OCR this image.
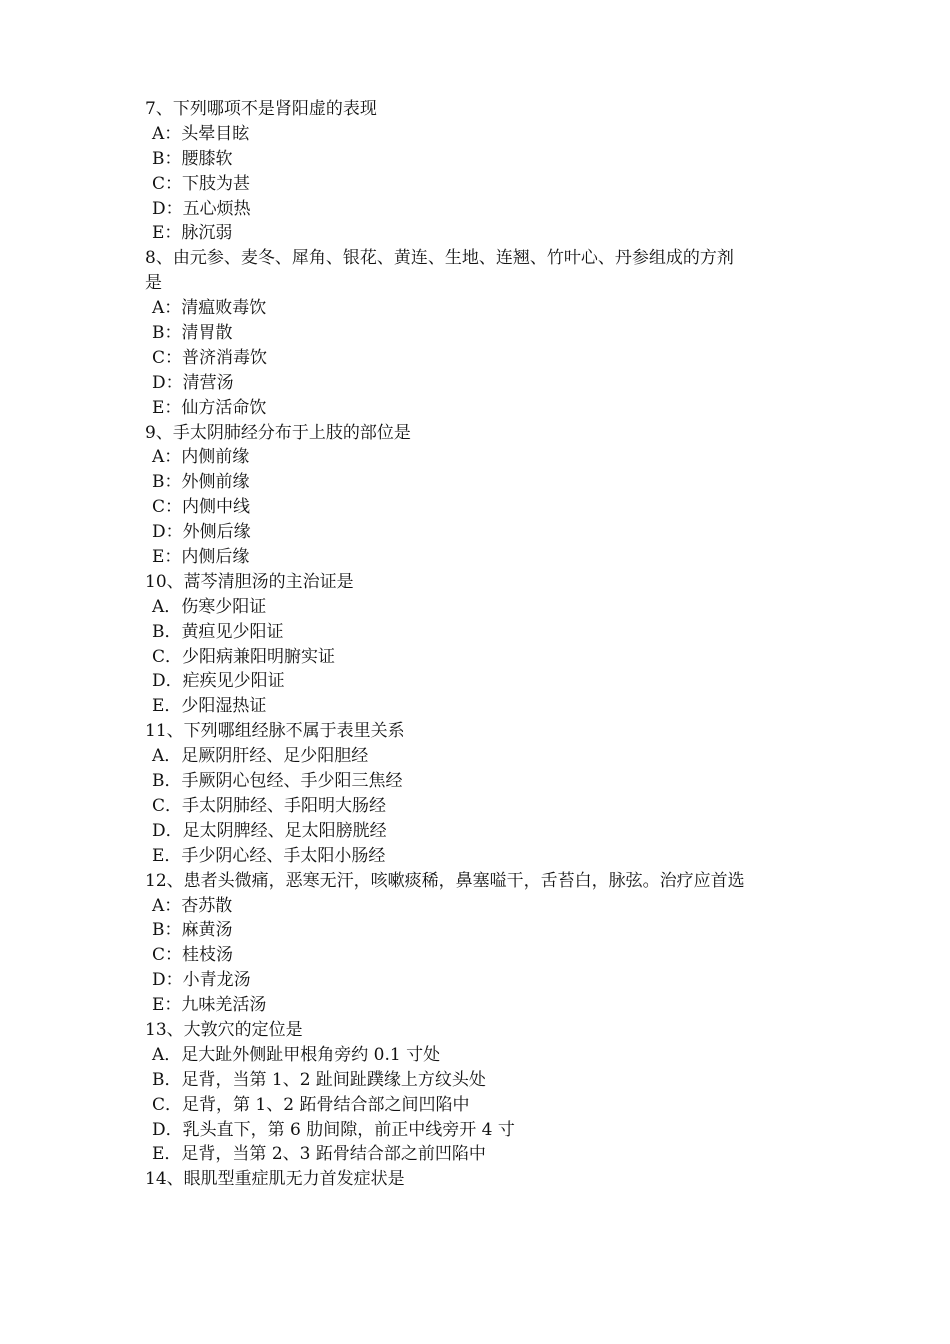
7、下列哪项不是肾阳虚的表现
A：头晕目眩
B：腰膝软
C：下肢为甚
D：五心烦热
E：脉沉弱
8、由元参、麦冬、犀角、银花、黄连、生地、连翘、竹叶心、丹参组成的方剂
是
A：清瘟败毒饮
B：清胃散
C：普济消毒饮
D：清营汤
E：仙方活命饮
9、手太阴肺经分布于上肢的部位是
A：内侧前缘
B：外侧前缘
C：内侧中线
D：外侧后缘
E：内侧后缘
10、蒿芩清胆汤的主治证是
A．伤寒少阳证
B．黄疸见少阳证
C．少阳病兼阳明腑实证
D．疟疾见少阳证
E．少阳湿热证
11、下列哪组经脉不属于表里关系
A．足厥阴肝经、足少阳胆经
B．手厥阴心包经、手少阳三焦经
C．手太阴肺经、手阳明大肠经
D．足太阴脾经、足太阳膀胱经
E．手少阴心经、手太阳小肠经
12、患者头微痛，恶寒无汗，咳嗽痰稀，鼻塞嗌干，舌苔白，脉弦。治疗应首选
A：杏苏散
B：麻黄汤
C：桂枝汤
D：小青龙汤
E：九味羌活汤
13、大敦穴的定位是
A．足大趾外侧趾甲根角旁约 0.1 寸处
B．足背，当第 1、2 趾间趾蹼缘上方纹头处
C．足背，第 1、2 跖骨结合部之间凹陷中
D．乳头直下，第 6 肋间隙，前正中线旁开 4 寸
E．足背，当第 2、3 跖骨结合部之前凹陷中
14、眼肌型重症肌无力首发症状是
